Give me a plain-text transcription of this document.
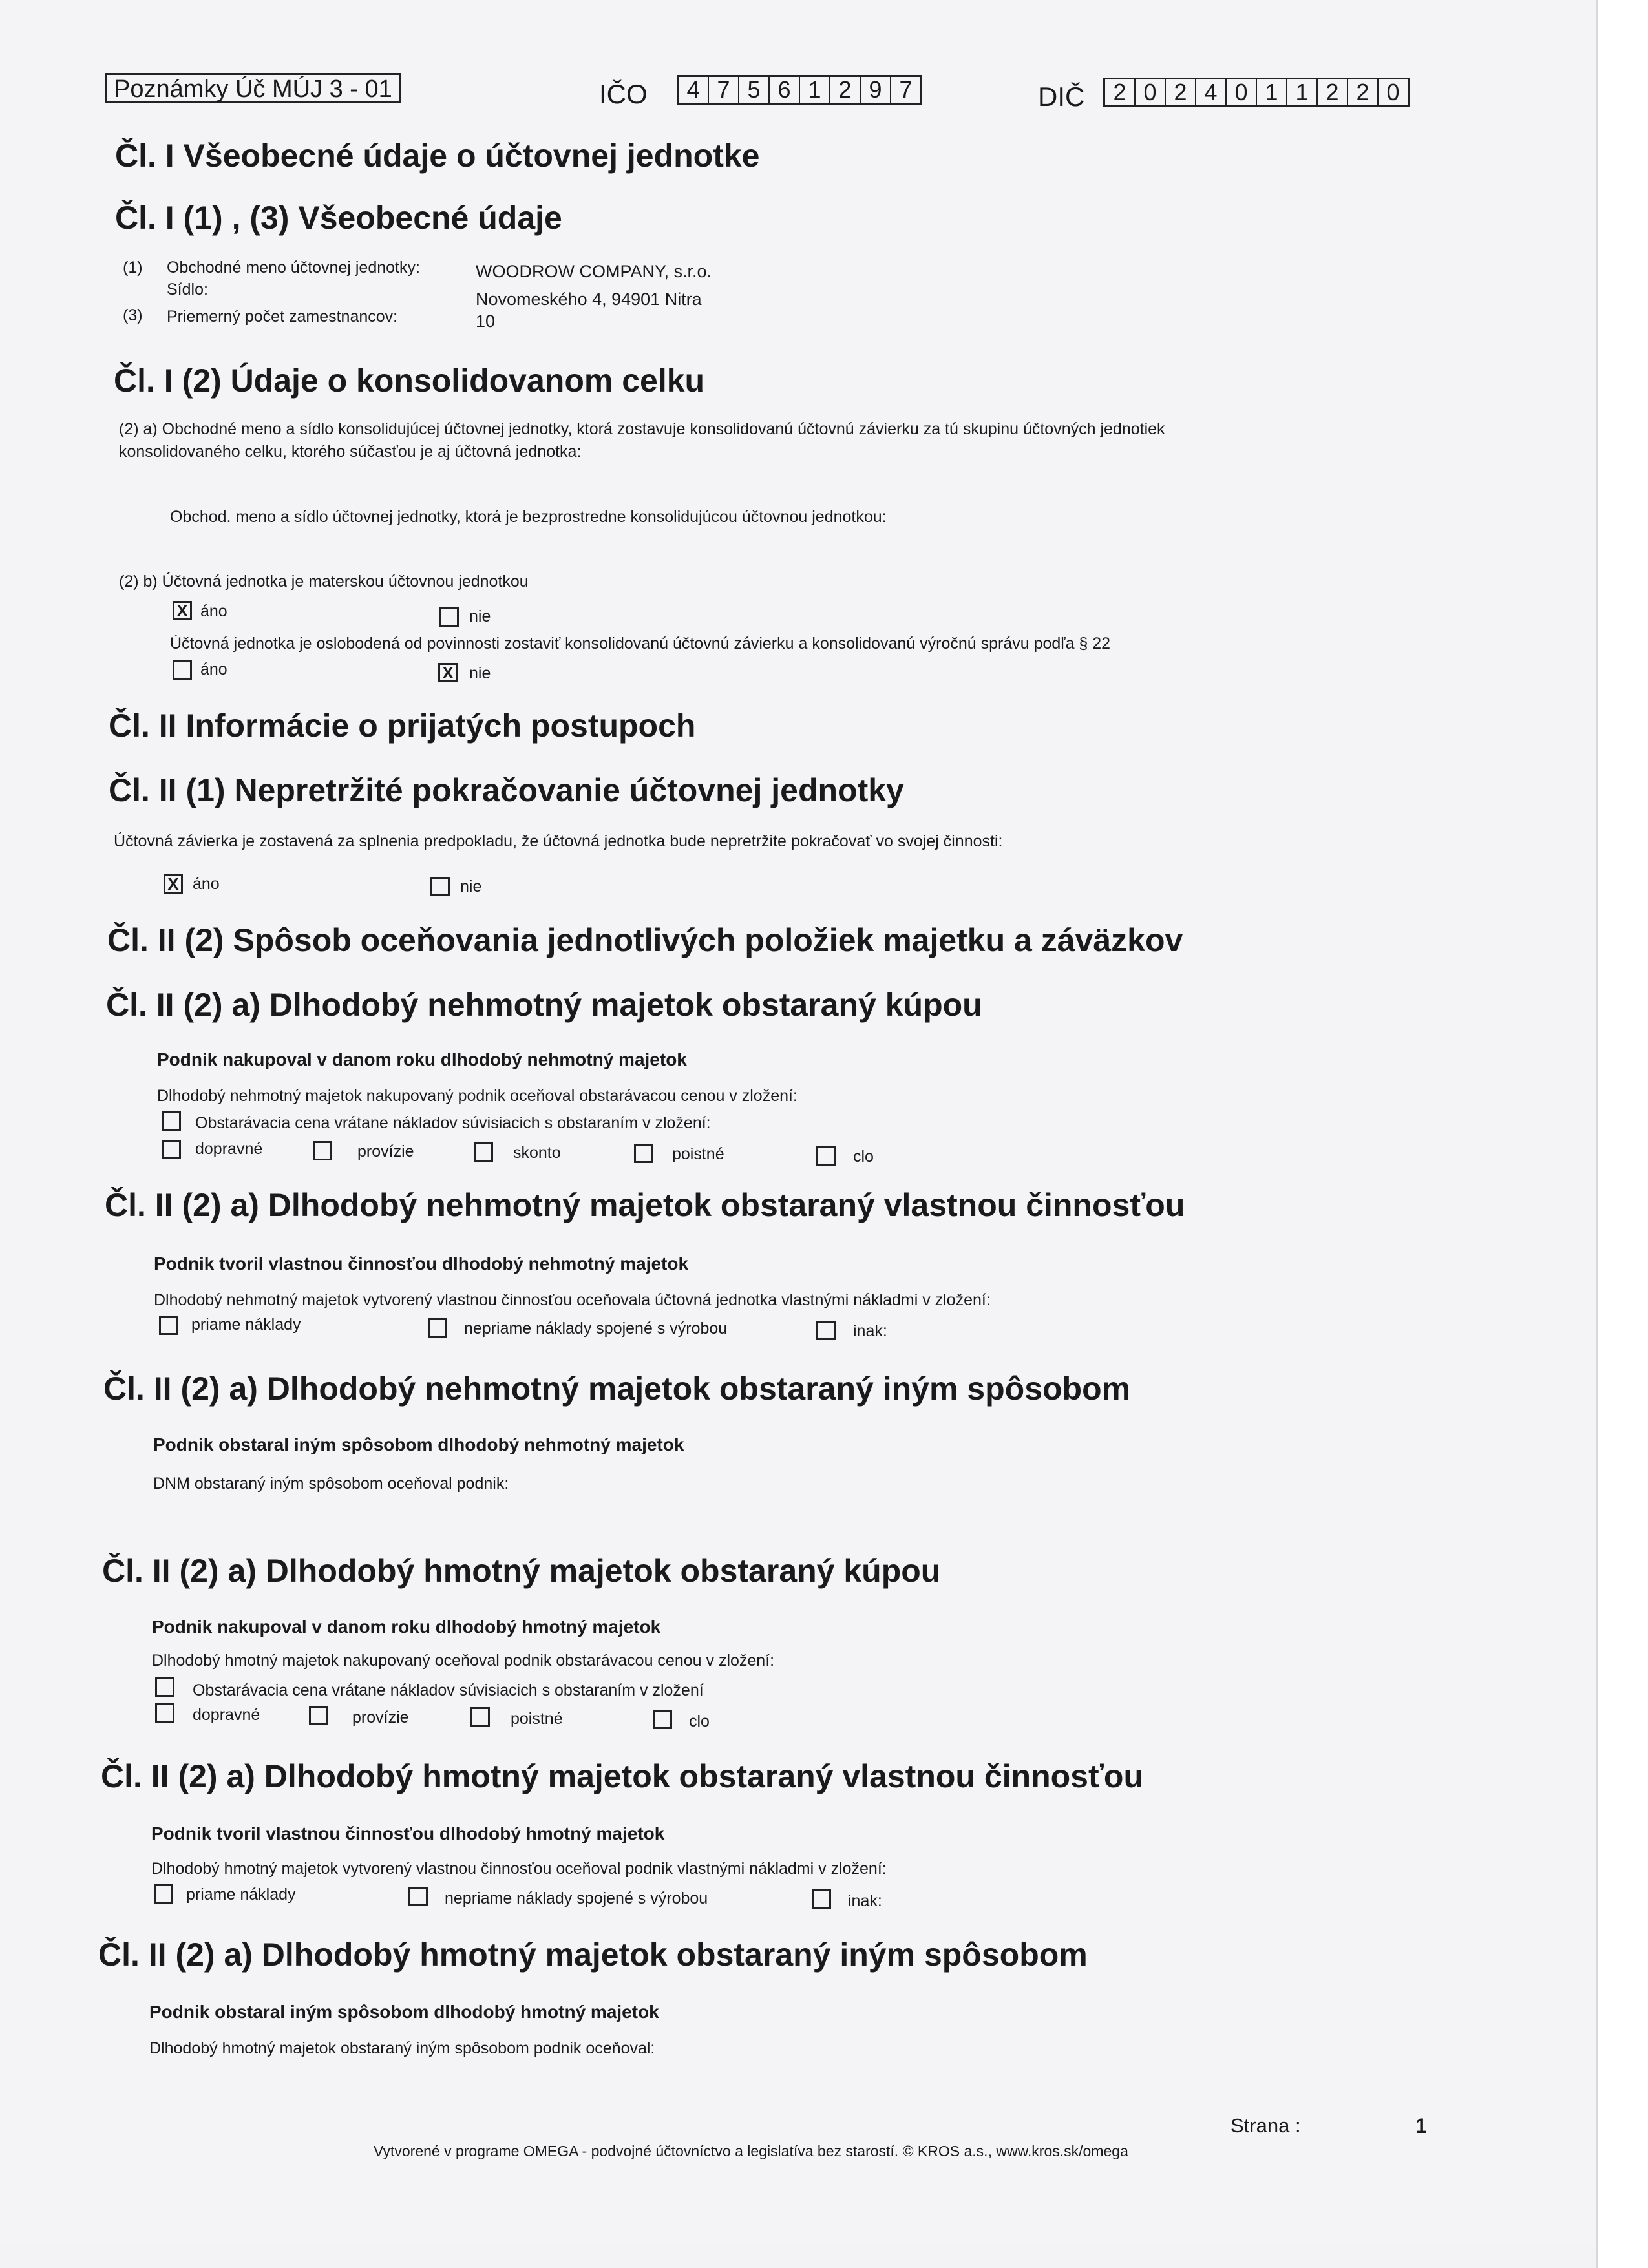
Poznámky Úč MÚJ 3 - 01	IČO	4 7 5 6 1 2 9 7	DIČ	2 0 2 4 0 1 1 2 2 0
Čl. I Všeobecné údaje o účtovnej jednotke
Čl. I (1) , (3) Všeobecné údaje
(1) Obchodné meno účtovnej jednotky:	WOODROW COMPANY, s.r.o.
Sídlo:	Novomeského 4, 94901 Nitra
(3) Priemerný počet zamestnancov:	10
Čl. I (2) Údaje o konsolidovanom celku
(2) a) Obchodné meno a sídlo konsolidujúcej účtovnej jednotky, ktorá zostavuje konsolidovanú účtovnú závierku za tú skupinu účtovných jednotiek
konsolidovaného celku, ktorého súčasťou je aj účtovná jednotka:
Obchod. meno a sídlo účtovnej jednotky, ktorá je bezprostredne konsolidujúcou účtovnou jednotkou:
(2) b) Účtovná jednotka je materskou účtovnou jednotkou
X áno	nie
Účtovná jednotka je oslobodená od povinnosti zostaviť konsolidovanú účtovnú závierku a konsolidovanú výročnú správu podľa § 22
áno	X nie
Čl. II Informácie o prijatých postupoch
Čl. II (1) Nepretržité pokračovanie účtovnej jednotky
Účtovná závierka je zostavená za splnenia predpokladu, že účtovná jednotka bude nepretržite pokračovať vo svojej činnosti:
X áno	nie
Čl. II (2) Spôsob oceňovania jednotlivých položiek majetku a záväzkov
Čl. II (2) a) Dlhodobý nehmotný majetok obstaraný kúpou
Podnik nakupoval v danom roku dlhodobý nehmotný majetok
Dlhodobý nehmotný majetok nakupovaný podnik oceňoval obstarávacou cenou v zložení:
Obstarávacia cena vrátane nákladov súvisiacich s obstaraním v zložení:
dopravné	provízie	skonto	poistné	clo
Čl. II (2) a) Dlhodobý nehmotný majetok obstaraný vlastnou činnosťou
Podnik tvoril vlastnou činnosťou dlhodobý nehmotný majetok
Dlhodobý nehmotný majetok vytvorený vlastnou činnosťou oceňovala účtovná jednotka vlastnými nákladmi v zložení:
priame náklady	nepriame náklady spojené s výrobou	inak:
Čl. II (2) a) Dlhodobý nehmotný majetok obstaraný iným spôsobom
Podnik obstaral iným spôsobom dlhodobý nehmotný majetok
DNM obstaraný iným spôsobom oceňoval podnik:
Čl. II (2) a) Dlhodobý hmotný majetok obstaraný kúpou
Podnik nakupoval v danom roku dlhodobý hmotný majetok
Dlhodobý hmotný majetok nakupovaný oceňoval podnik obstarávacou cenou v zložení:
Obstarávacia cena vrátane nákladov súvisiacich s obstaraním v zložení
dopravné	provízie	poistné	clo
Čl. II (2) a) Dlhodobý hmotný majetok obstaraný vlastnou činnosťou
Podnik tvoril vlastnou činnosťou dlhodobý hmotný majetok
Dlhodobý hmotný majetok vytvorený vlastnou činnosťou oceňoval podnik vlastnými nákladmi v zložení:
priame náklady	nepriame náklady spojené s výrobou	inak:
Čl. II (2) a) Dlhodobý hmotný majetok obstaraný iným spôsobom
Podnik obstaral iným spôsobom dlhodobý hmotný majetok
Dlhodobý hmotný majetok obstaraný iným spôsobom podnik oceňoval:
Strana :	1
Vytvorené v programe OMEGA - podvojné účtovníctvo a legislatíva bez starostí. © KROS a.s., www.kros.sk/omega
